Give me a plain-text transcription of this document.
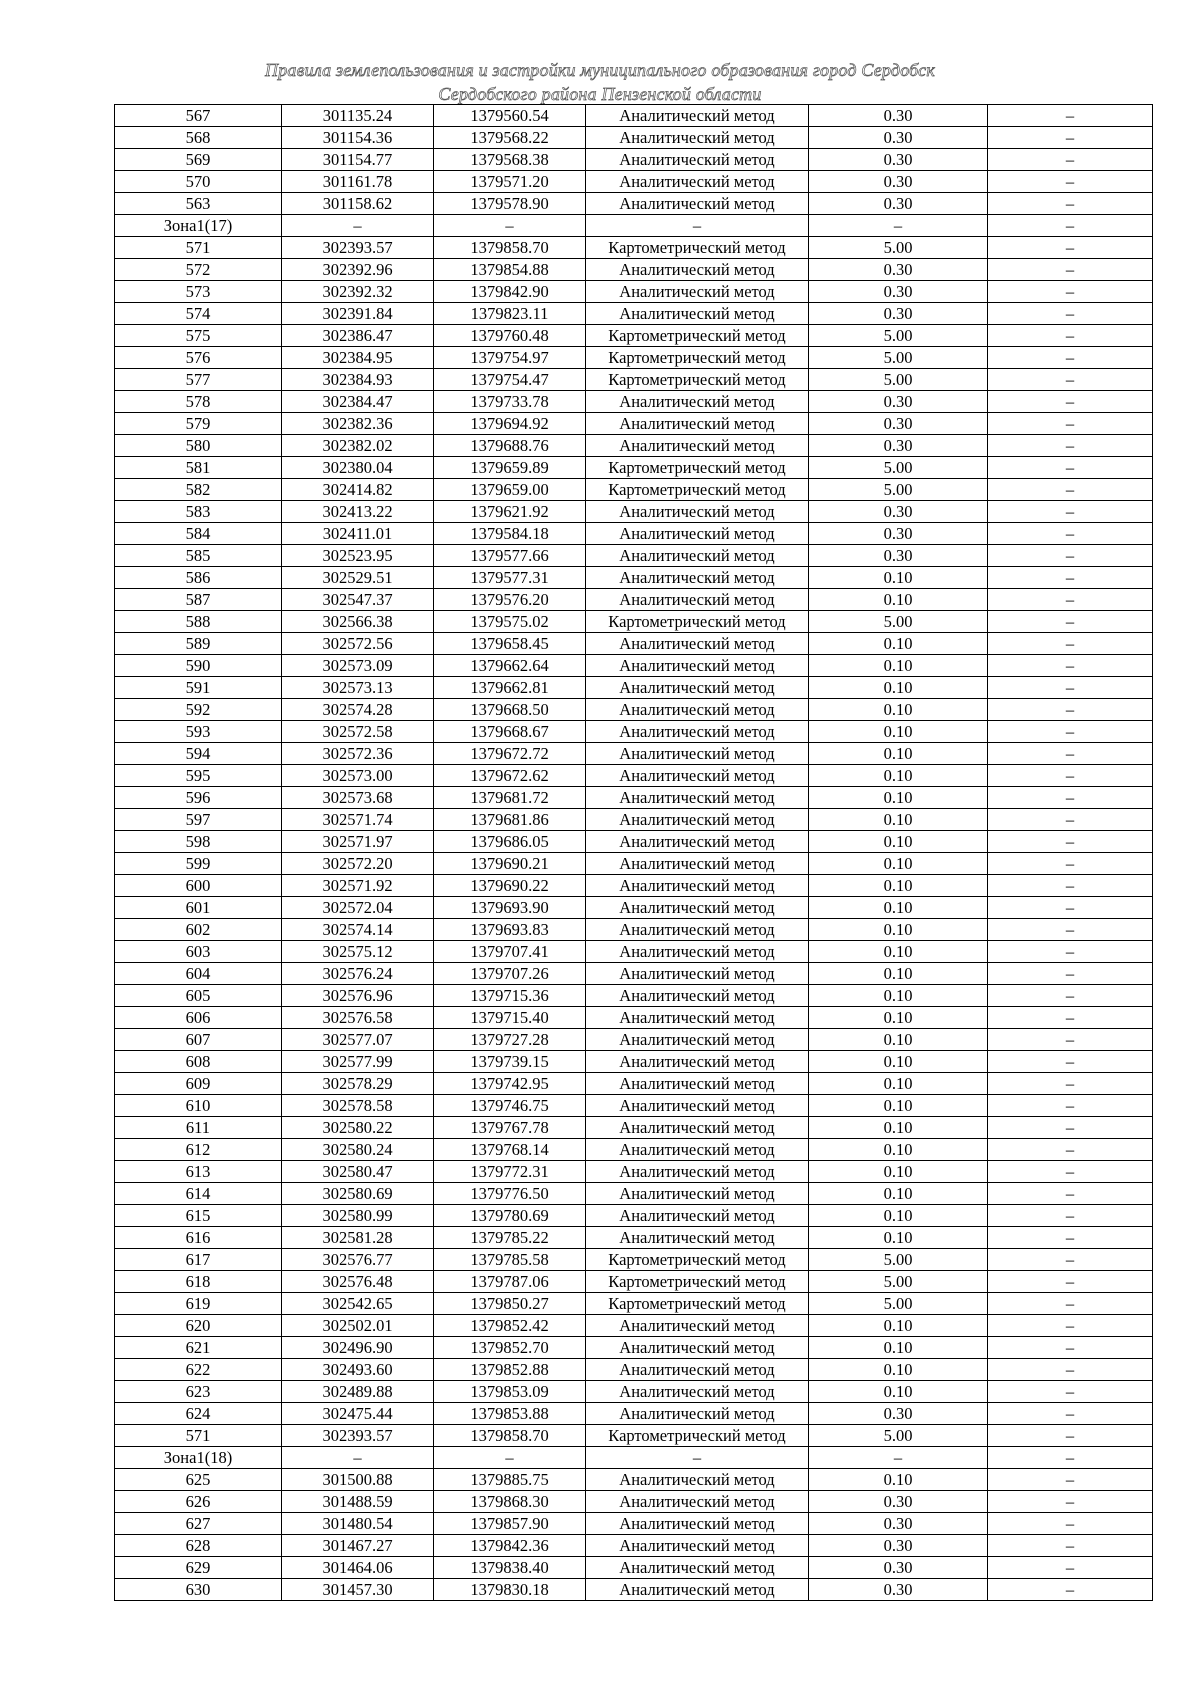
Правила землепользования и застройки муниципального образования город Сердобск
Сердобского района Пензенской области
567	301135.24	1379560.54	Аналитический метод	0.30	–
568	301154.36	1379568.22	Аналитический метод	0.30	–
569	301154.77	1379568.38	Аналитический метод	0.30	–
570	301161.78	1379571.20	Аналитический метод	0.30	–
563	301158.62	1379578.90	Аналитический метод	0.30	–
Зона1(17)	–	–	–	–	–
571	302393.57	1379858.70	Картометрический метод	5.00	–
572	302392.96	1379854.88	Аналитический метод	0.30	–
573	302392.32	1379842.90	Аналитический метод	0.30	–
574	302391.84	1379823.11	Аналитический метод	0.30	–
575	302386.47	1379760.48	Картометрический метод	5.00	–
576	302384.95	1379754.97	Картометрический метод	5.00	–
577	302384.93	1379754.47	Картометрический метод	5.00	–
578	302384.47	1379733.78	Аналитический метод	0.30	–
579	302382.36	1379694.92	Аналитический метод	0.30	–
580	302382.02	1379688.76	Аналитический метод	0.30	–
581	302380.04	1379659.89	Картометрический метод	5.00	–
582	302414.82	1379659.00	Картометрический метод	5.00	–
583	302413.22	1379621.92	Аналитический метод	0.30	–
584	302411.01	1379584.18	Аналитический метод	0.30	–
585	302523.95	1379577.66	Аналитический метод	0.30	–
586	302529.51	1379577.31	Аналитический метод	0.10	–
587	302547.37	1379576.20	Аналитический метод	0.10	–
588	302566.38	1379575.02	Картометрический метод	5.00	–
589	302572.56	1379658.45	Аналитический метод	0.10	–
590	302573.09	1379662.64	Аналитический метод	0.10	–
591	302573.13	1379662.81	Аналитический метод	0.10	–
592	302574.28	1379668.50	Аналитический метод	0.10	–
593	302572.58	1379668.67	Аналитический метод	0.10	–
594	302572.36	1379672.72	Аналитический метод	0.10	–
595	302573.00	1379672.62	Аналитический метод	0.10	–
596	302573.68	1379681.72	Аналитический метод	0.10	–
597	302571.74	1379681.86	Аналитический метод	0.10	–
598	302571.97	1379686.05	Аналитический метод	0.10	–
599	302572.20	1379690.21	Аналитический метод	0.10	–
600	302571.92	1379690.22	Аналитический метод	0.10	–
601	302572.04	1379693.90	Аналитический метод	0.10	–
602	302574.14	1379693.83	Аналитический метод	0.10	–
603	302575.12	1379707.41	Аналитический метод	0.10	–
604	302576.24	1379707.26	Аналитический метод	0.10	–
605	302576.96	1379715.36	Аналитический метод	0.10	–
606	302576.58	1379715.40	Аналитический метод	0.10	–
607	302577.07	1379727.28	Аналитический метод	0.10	–
608	302577.99	1379739.15	Аналитический метод	0.10	–
609	302578.29	1379742.95	Аналитический метод	0.10	–
610	302578.58	1379746.75	Аналитический метод	0.10	–
611	302580.22	1379767.78	Аналитический метод	0.10	–
612	302580.24	1379768.14	Аналитический метод	0.10	–
613	302580.47	1379772.31	Аналитический метод	0.10	–
614	302580.69	1379776.50	Аналитический метод	0.10	–
615	302580.99	1379780.69	Аналитический метод	0.10	–
616	302581.28	1379785.22	Аналитический метод	0.10	–
617	302576.77	1379785.58	Картометрический метод	5.00	–
618	302576.48	1379787.06	Картометрический метод	5.00	–
619	302542.65	1379850.27	Картометрический метод	5.00	–
620	302502.01	1379852.42	Аналитический метод	0.10	–
621	302496.90	1379852.70	Аналитический метод	0.10	–
622	302493.60	1379852.88	Аналитический метод	0.10	–
623	302489.88	1379853.09	Аналитический метод	0.10	–
624	302475.44	1379853.88	Аналитический метод	0.30	–
571	302393.57	1379858.70	Картометрический метод	5.00	–
Зона1(18)	–	–	–	–	–
625	301500.88	1379885.75	Аналитический метод	0.10	–
626	301488.59	1379868.30	Аналитический метод	0.30	–
627	301480.54	1379857.90	Аналитический метод	0.30	–
628	301467.27	1379842.36	Аналитический метод	0.30	–
629	301464.06	1379838.40	Аналитический метод	0.30	–
630	301457.30	1379830.18	Аналитический метод	0.30	–
